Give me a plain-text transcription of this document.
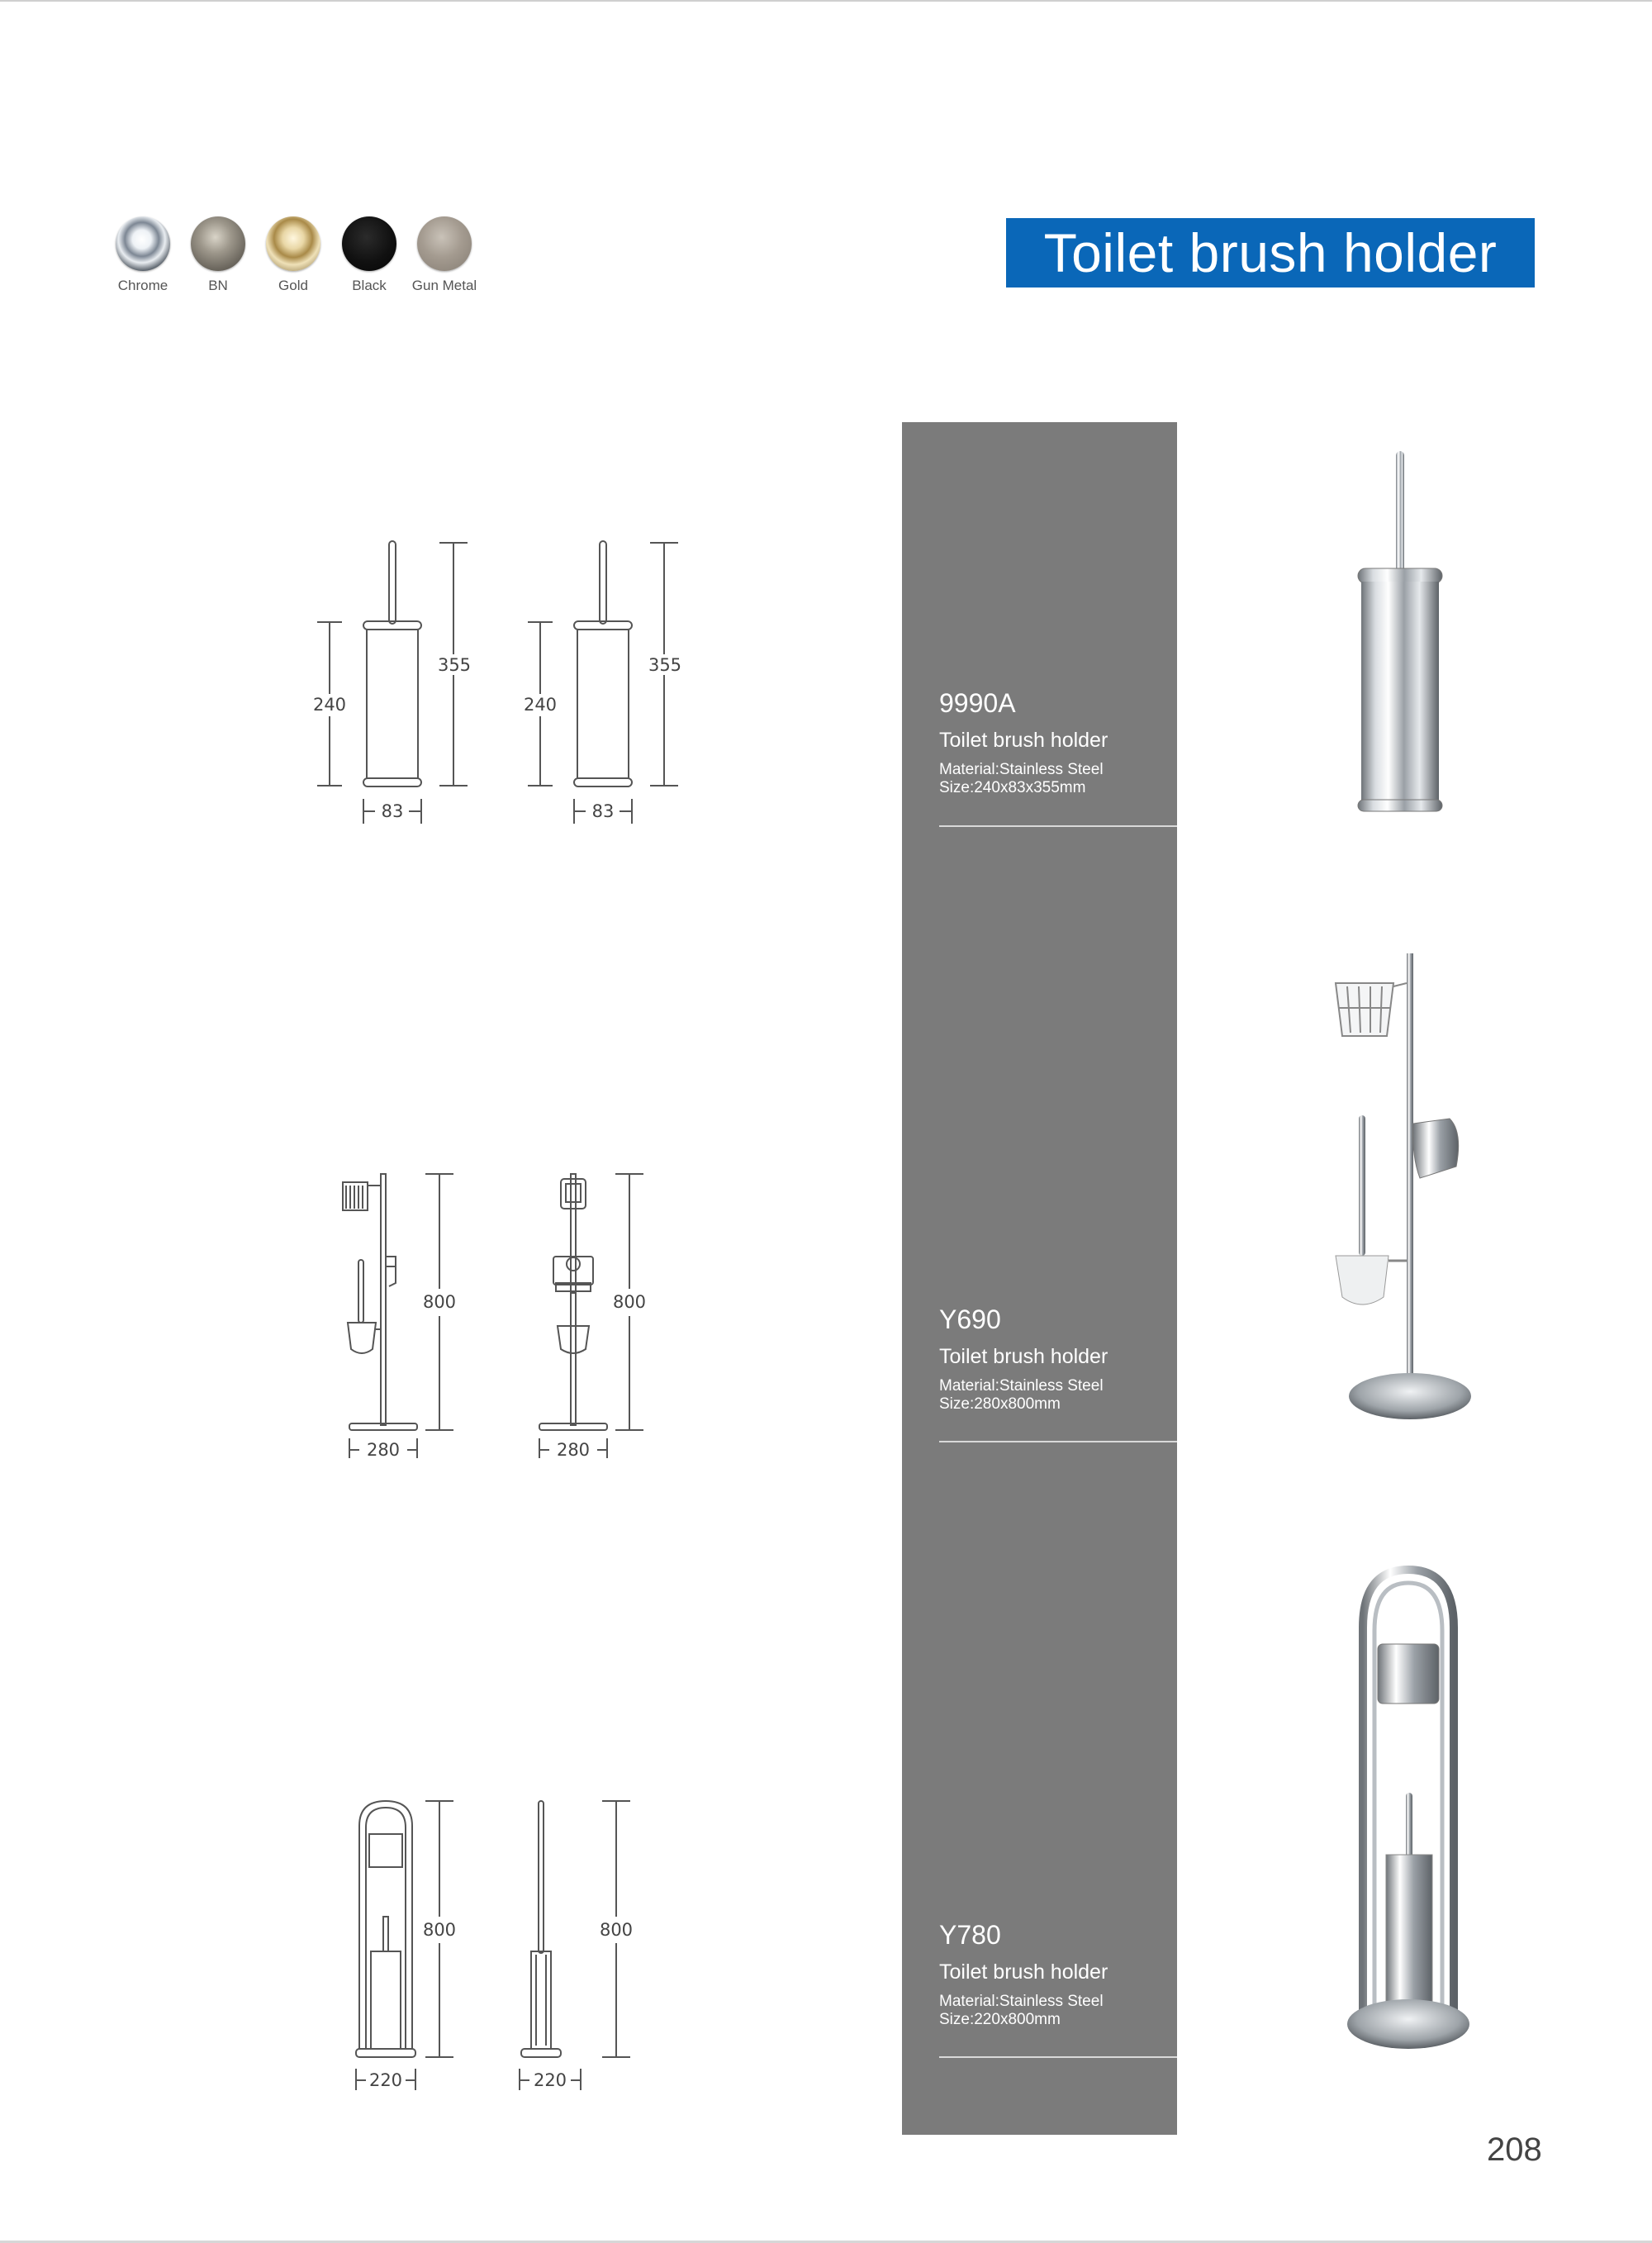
Chrome	BN	Gold	Black	Gun Metal
Toilet brush holder
9990A
Toilet brush holder
Material:Stainless Steel
Size:240x83x355mm
Y690
Toilet brush holder
Material:Stainless Steel
Size:280x800mm
Y780
Toilet brush holder
Material:Stainless Steel
Size:220x800mm
240
355
83
240
355
83
800
280
800
280
800
220
800
220
208
